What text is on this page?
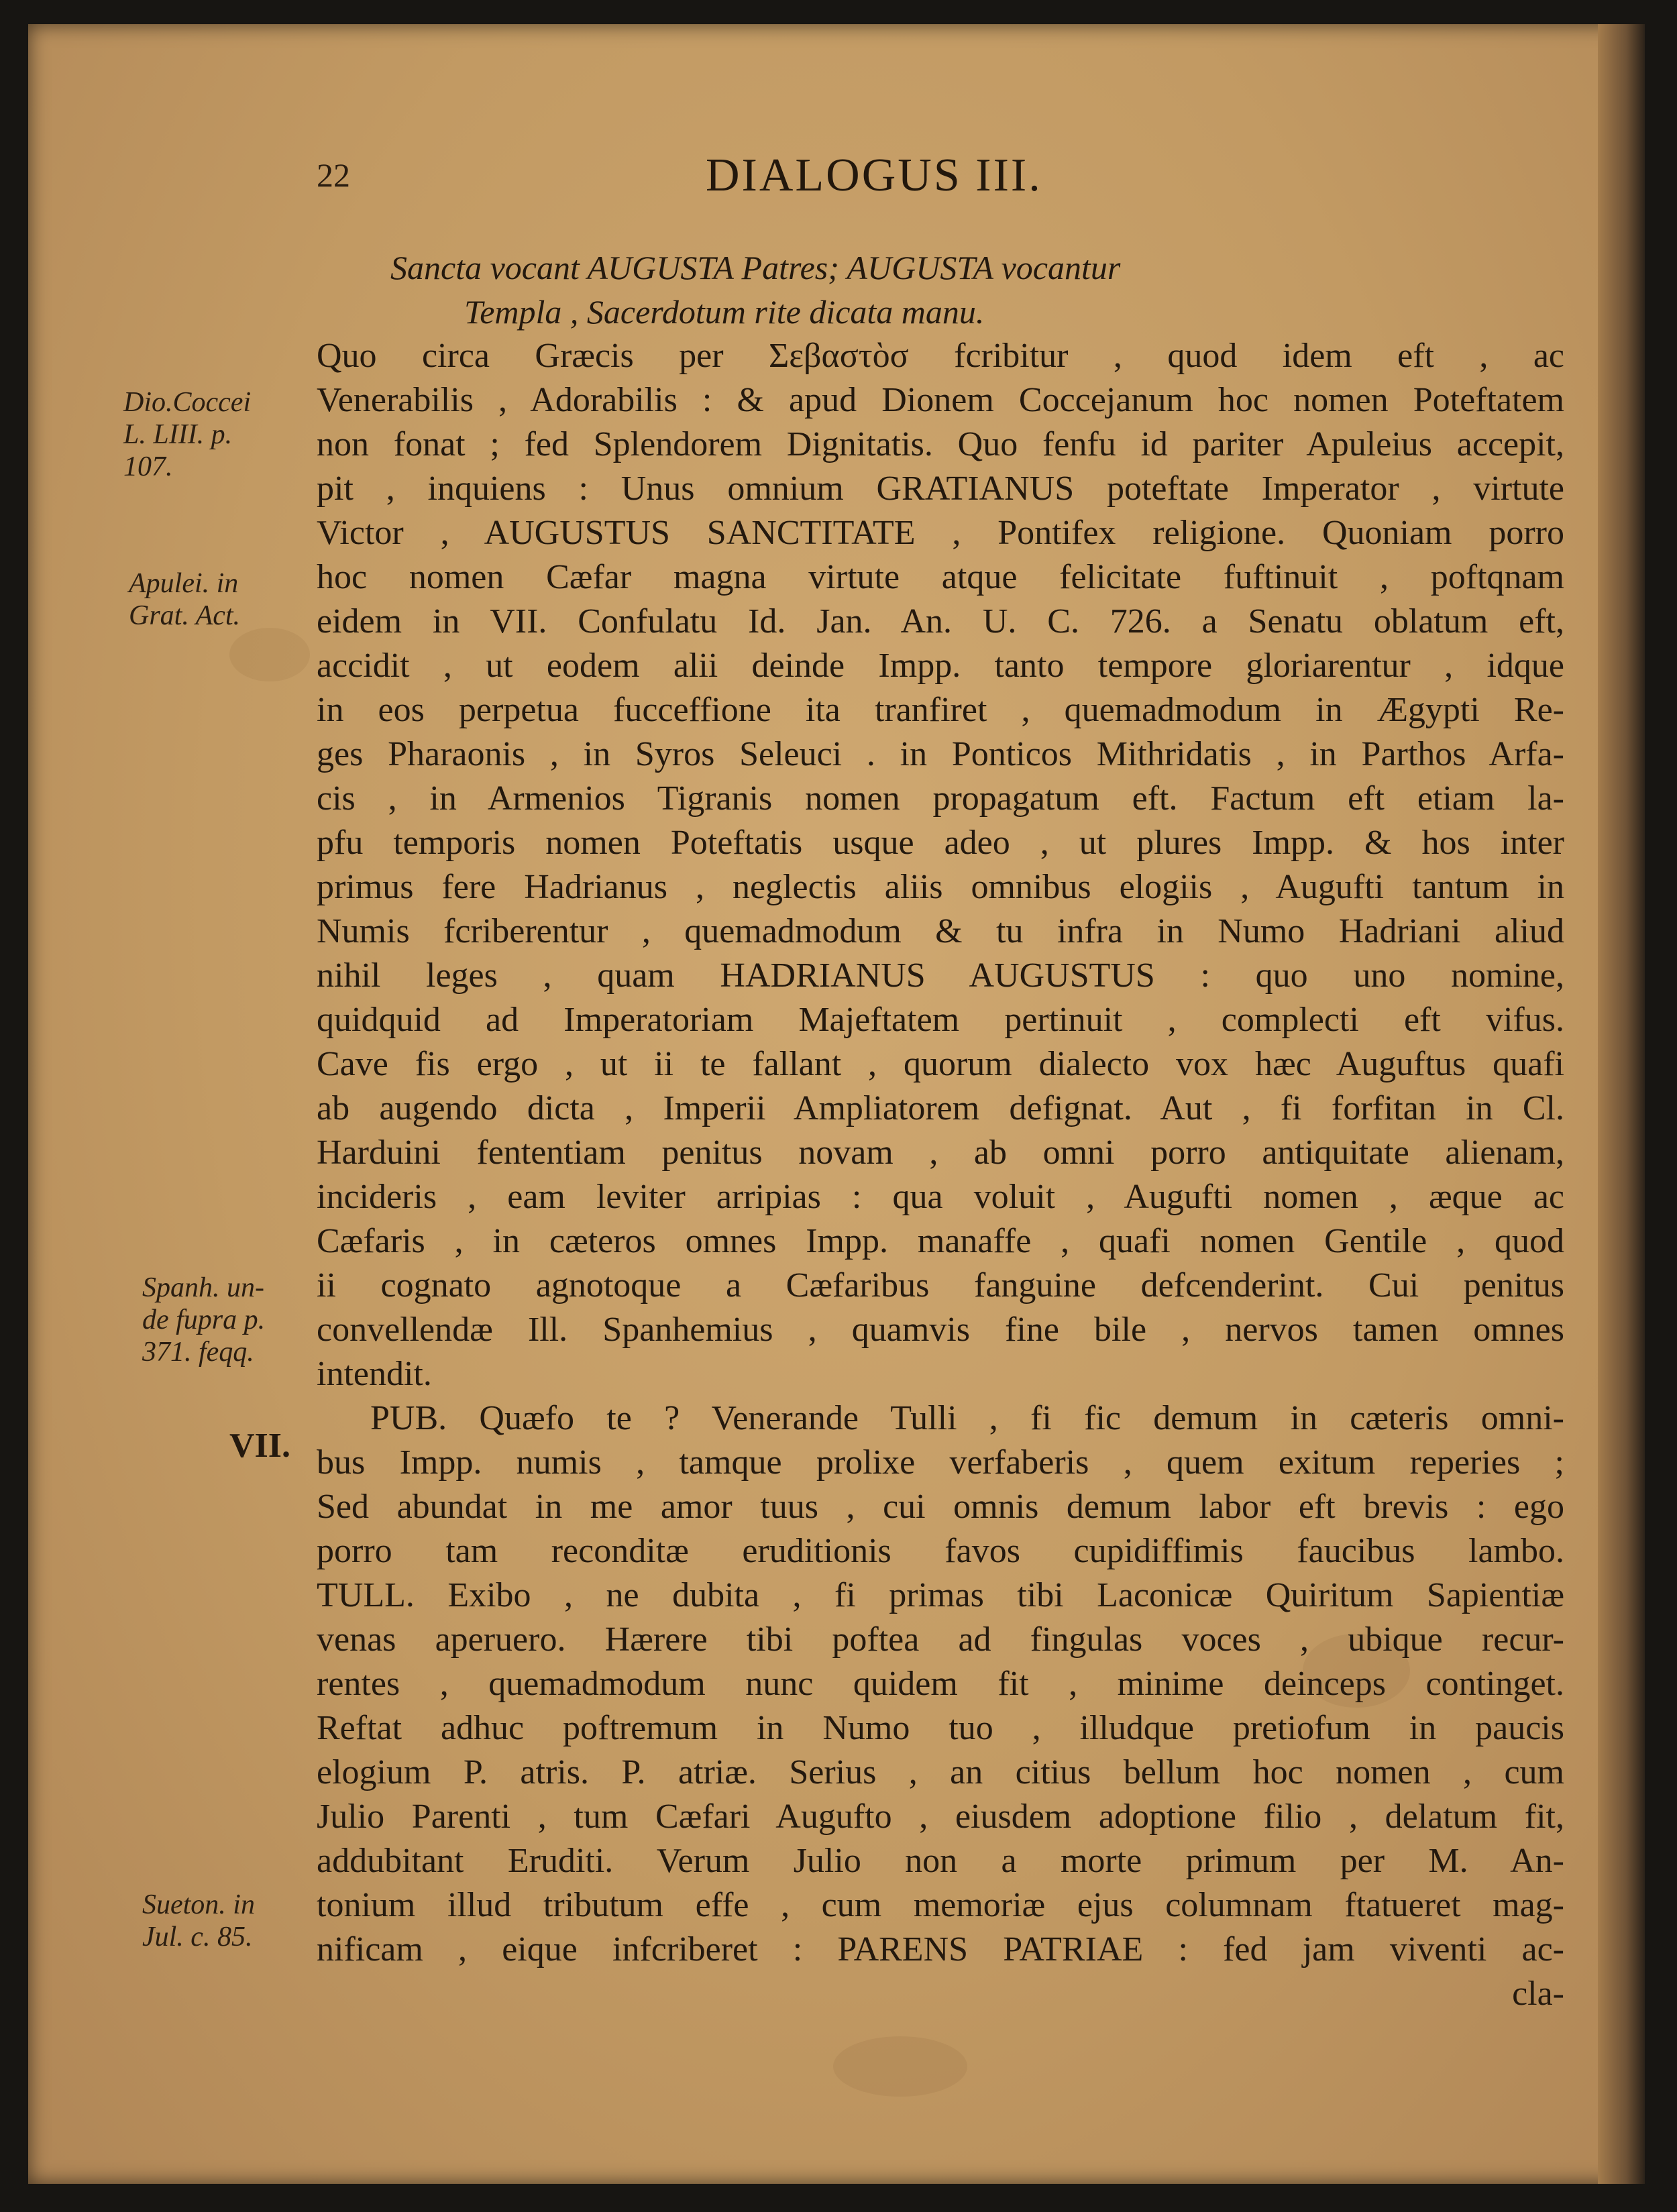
22	DIALOGUS III.
Dio.Coccei
L. LIII. p.
107.
Apulei. in
Grat. Act.
Spanh. un-
de fupra p.
371. feqq.
Sueton. in
Jul. c. 85.
VII.
Sancta vocant AUGUSTA Patres; AUGUSTA vocantur
Templa , Sacerdotum rite dicata manu.
Quo circa Græcis per Σεβαστὸσ fcribitur , quod idem eft , ac
Venerabilis , Adorabilis : & apud Dionem Coccejanum hoc nomen Poteftatem
non fonat ; fed Splendorem Dignitatis. Quo fenfu id pariter Apuleius accepit,
pit , inquiens : Unus omnium GRATIANUS poteftate Imperator , virtute
Victor , AUGUSTUS SANCTITATE , Pontifex religione. Quoniam porro
hoc nomen Cæfar magna virtute atque felicitate fuftinuit , poftqnam
eidem in VII. Confulatu Id. Jan. An. U. C. 726. a Senatu oblatum eft,
accidit , ut eodem alii deinde Impp. tanto tempore gloriarentur , idque
in eos perpetua fucceffione ita tranfiret , quemadmodum in Ægypti Re-
ges Pharaonis , in Syros Seleuci . in Ponticos Mithridatis , in Parthos Arfa-
cis , in Armenios Tigranis nomen propagatum eft. Factum eft etiam la-
pfu temporis nomen Poteftatis usque adeo , ut plures Impp. & hos inter
primus fere Hadrianus , neglectis aliis omnibus elogiis , Augufti tantum in
Numis fcriberentur , quemadmodum & tu infra in Numo Hadriani aliud
nihil leges , quam HADRIANUS AUGUSTUS : quo uno nomine,
quidquid ad Imperatoriam Majeftatem pertinuit , complecti eft vifus.
Cave fis ergo , ut ii te fallant , quorum dialecto vox hæc Auguftus quafi
ab augendo dicta , Imperii Ampliatorem defignat. Aut , fi forfitan in Cl.
Harduini fententiam penitus novam , ab omni porro antiquitate alienam,
incideris , eam leviter arripias : qua voluit , Augufti nomen , æque ac
Cæfaris , in cæteros omnes Impp. manaffe , quafi nomen Gentile , quod
ii cognato agnotoque a Cæfaribus fanguine defcenderint. Cui penitus
convellendæ Ill. Spanhemius , quamvis fine bile , nervos tamen omnes
intendit.
PUB. Quæfo te ? Venerande Tulli , fi fic demum in cæteris omni-
bus Impp. numis , tamque prolixe verfaberis , quem exitum reperies ;
Sed abundat in me amor tuus , cui omnis demum labor eft brevis : ego
porro tam reconditæ eruditionis favos cupidiffimis faucibus lambo.
TULL. Exibo , ne dubita , fi primas tibi Laconicæ Quiritum Sapientiæ
venas aperuero. Hærere tibi poftea ad fingulas voces , ubique recur-
rentes , quemadmodum nunc quidem fit , minime deinceps continget.
Reftat adhuc poftremum in Numo tuo , illudque pretiofum in paucis
elogium P. atris. P. atriæ. Serius , an citius bellum hoc nomen , cum
Julio Parenti , tum Cæfari Augufto , eiusdem adoptione filio , delatum fit,
addubitant Eruditi. Verum Julio non a morte primum per M. An-
tonium illud tributum effe , cum memoriæ ejus columnam ftatueret mag-
nificam , eique infcriberet : PARENS PATRIAE : fed jam viventi ac-
cla-
